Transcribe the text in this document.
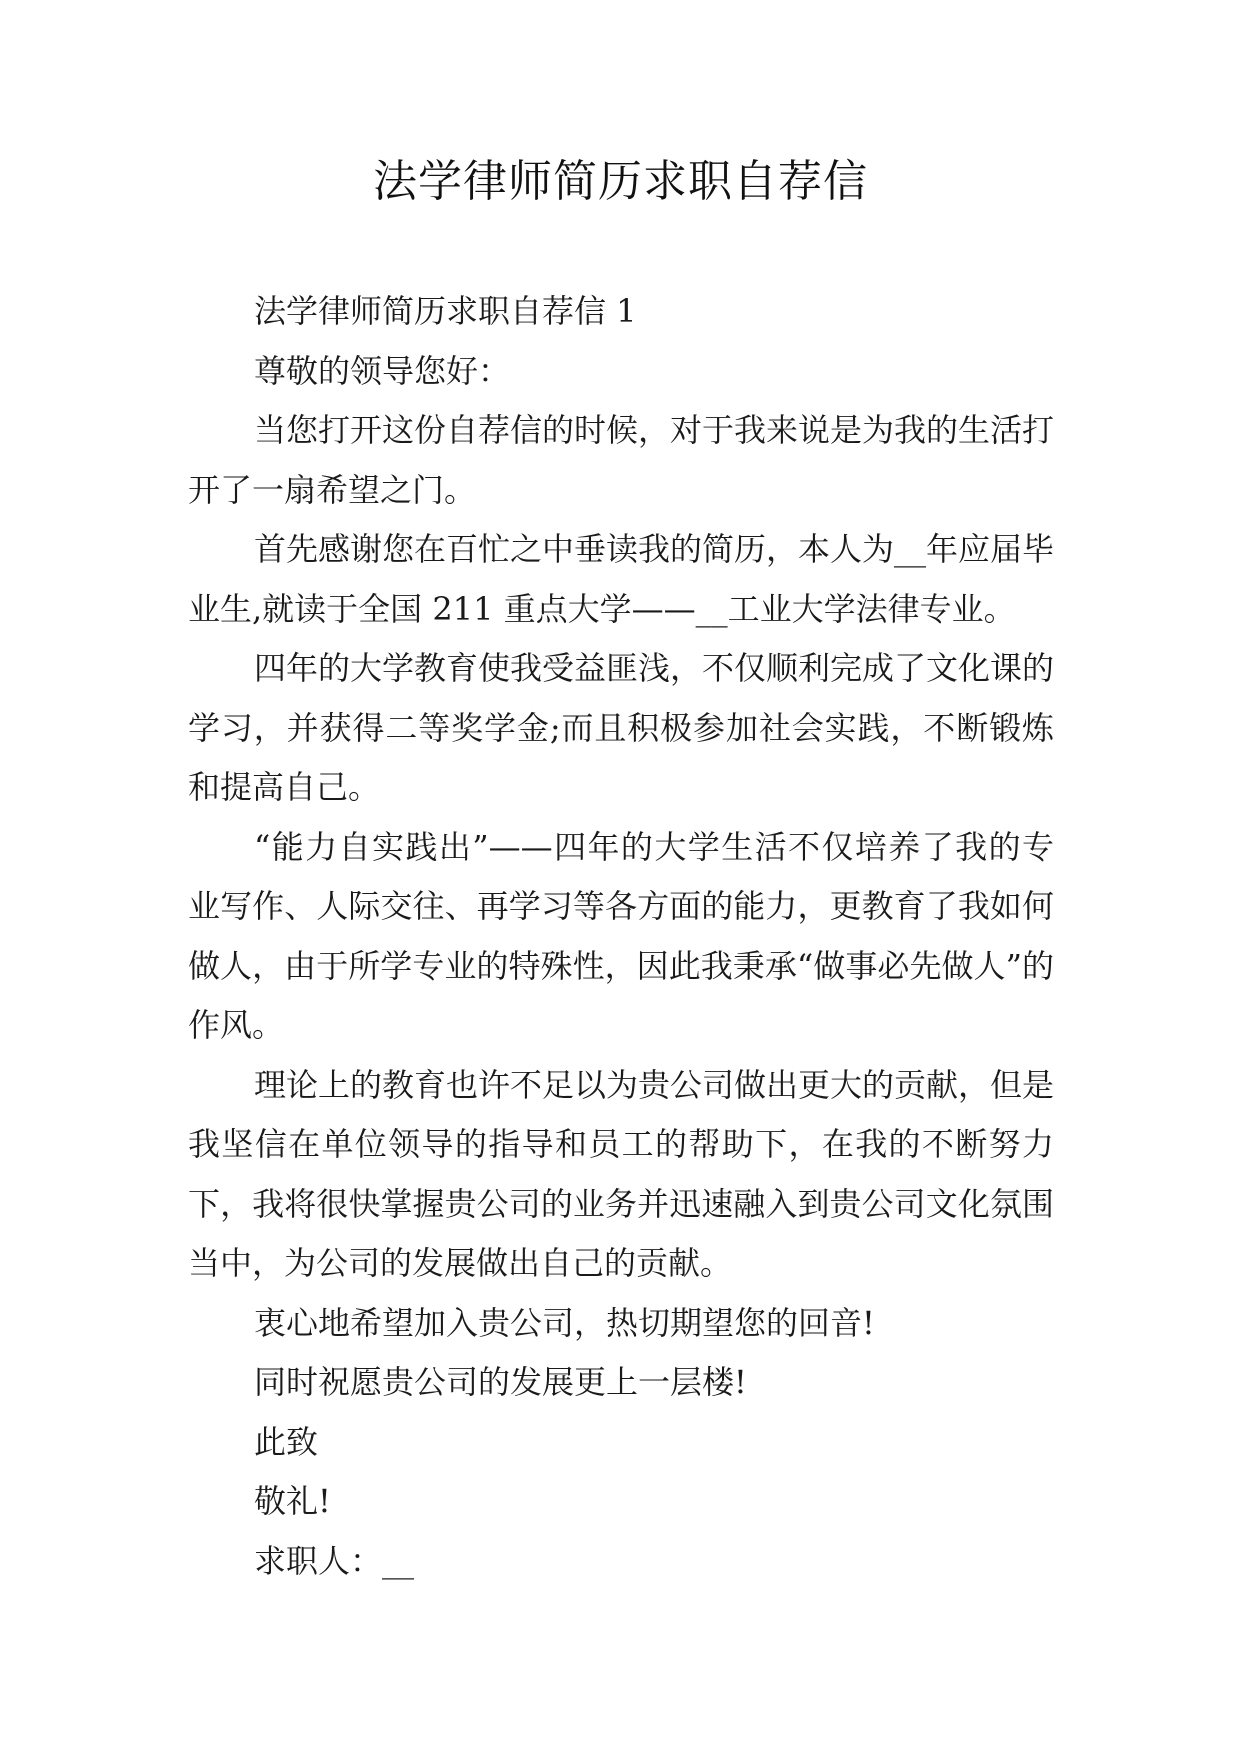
法学律师简历求职自荐信

法学律师简历求职自荐信 1

尊敬的领导您好：

当您打开这份自荐信的时候，对于我来说是为我的生活打开了一扇希望之门。

首先感谢您在百忙之中垂读我的简历，本人为__年应届毕业生,就读于全国 211 重点大学——__工业大学法律专业。

四年的大学教育使我受益匪浅，不仅顺利完成了文化课的学习，并获得二等奖学金;而且积极参加社会实践，不断锻炼和提高自己。

“能力自实践出”——四年的大学生活不仅培养了我的专业写作、人际交往、再学习等各方面的能力，更教育了我如何做人，由于所学专业的特殊性，因此我秉承“做事必先做人”的作风。

理论上的教育也许不足以为贵公司做出更大的贡献，但是我坚信在单位领导的指导和员工的帮助下，在我的不断努力下，我将很快掌握贵公司的业务并迅速融入到贵公司文化氛围当中，为公司的发展做出自己的贡献。

衷心地希望加入贵公司，热切期望您的回音!

同时祝愿贵公司的发展更上一层楼!

此致

敬礼!

求职人：__
